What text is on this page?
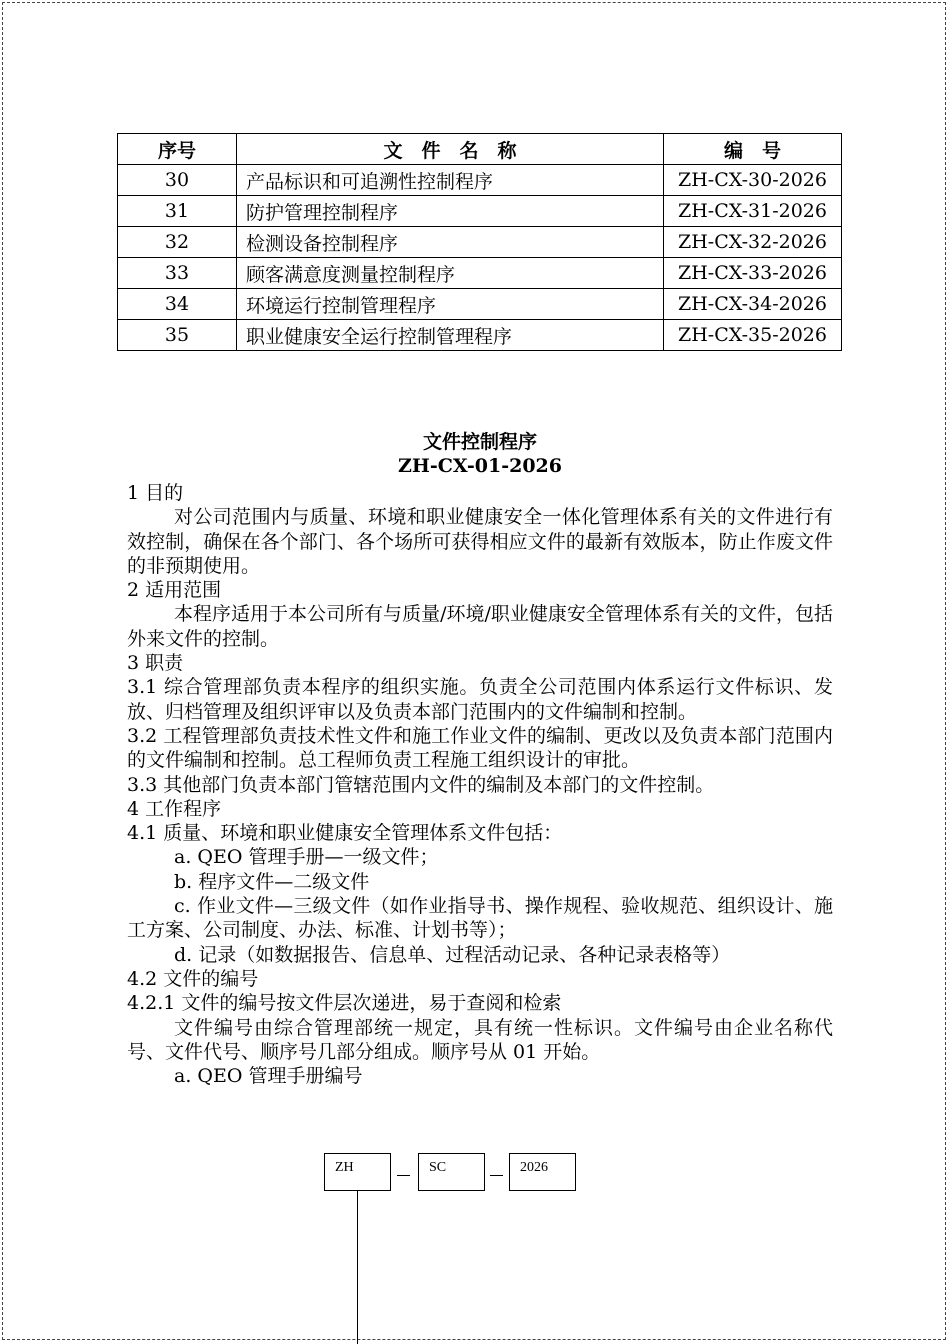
序号	文　件　名　称	编　号
30	产品标识和可追溯性控制程序	ZH-CX-30-2026
31	防护管理控制程序	ZH-CX-31-2026
32	检测设备控制程序	ZH-CX-32-2026
33	顾客满意度测量控制程序	ZH-CX-33-2026
34	环境运行控制管理程序	ZH-CX-34-2026
35	职业健康安全运行控制管理程序	ZH-CX-35-2026
文件控制程序
ZH-CX-01-2026

1 目的

对公司范围内与质量、环境和职业健康安全一体化管理体系有关的文件进行有效控制，确保在各个部门、各个场所可获得相应文件的最新有效版本，防止作废文件的非预期使用。

2 适用范围

本程序适用于本公司所有与质量/环境/职业健康安全管理体系有关的文件，包括外来文件的控制。

3 职责

3.1 综合管理部负责本程序的组织实施。负责全公司范围内体系运行文件标识、发放、归档管理及组织评审以及负责本部门范围内的文件编制和控制。

3.2 工程管理部负责技术性文件和施工作业文件的编制、更改以及负责本部门范围内的文件编制和控制。总工程师负责工程施工组织设计的审批。

3.3 其他部门负责本部门管辖范围内文件的编制及本部门的文件控制。

4 工作程序

4.1 质量、环境和职业健康安全管理体系文件包括：

a. QEO 管理手册—一级文件；

b. 程序文件—二级文件

c. 作业文件—三级文件（如作业指导书、操作规程、验收规范、组织设计、施工方案、公司制度、办法、标准、计划书等）；

d. 记录（如数据报告、信息单、过程活动记录、各种记录表格等）

4.2 文件的编号

4.2.1 文件的编号按文件层次递进，易于查阅和检索

文件编号由综合管理部统一规定，具有统一性标识。文件编号由企业名称代号、文件代号、顺序号几部分组成。顺序号从 01 开始。

a. QEO 管理手册编号

ZH	SC	2026
